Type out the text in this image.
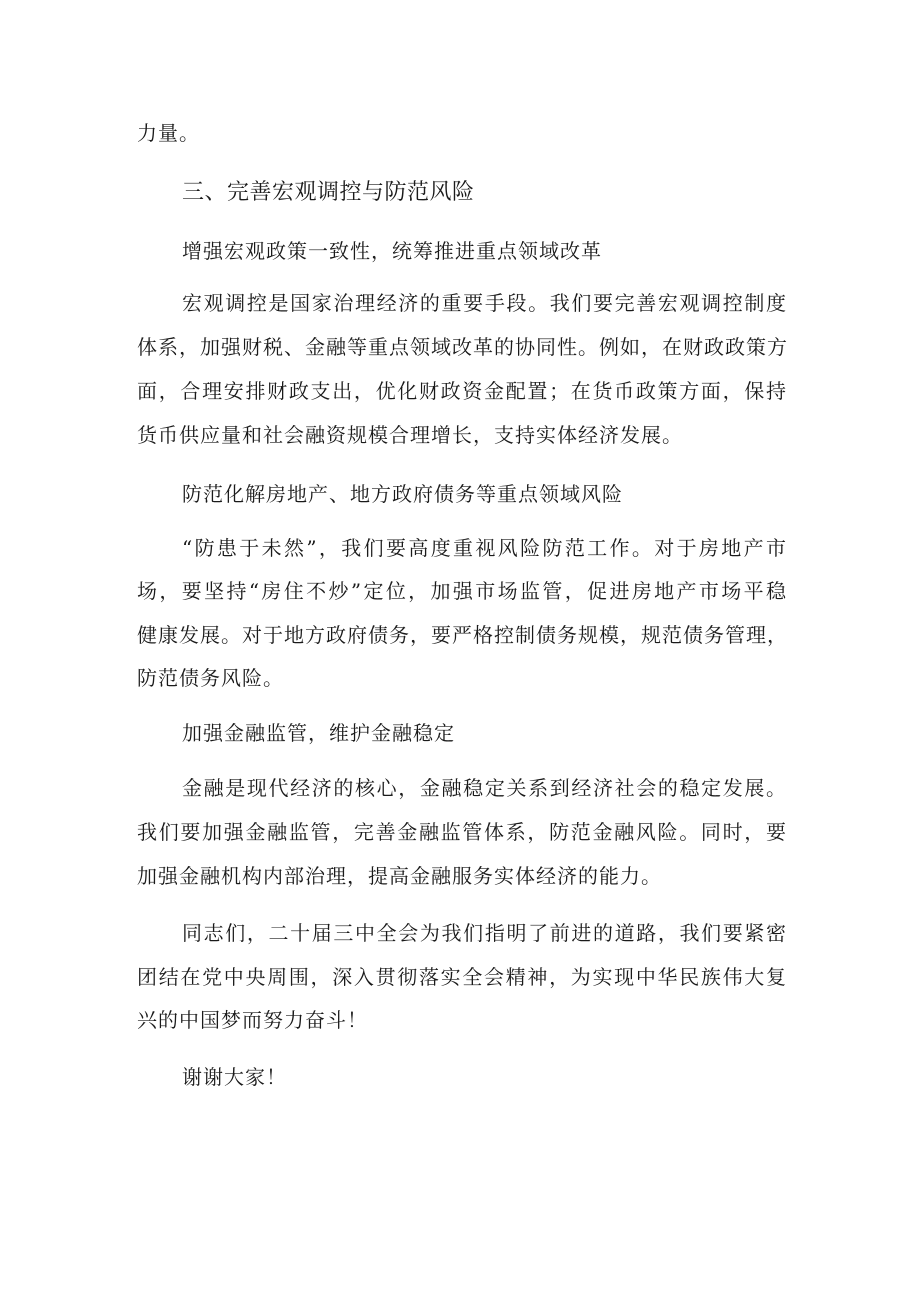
力量。
三、完善宏观调控与防范风险
增强宏观政策一致性，统筹推进重点领域改革
宏观调控是国家治理经济的重要手段。我们要完善宏观调控制度
体系，加强财税、金融等重点领域改革的协同性。例如，在财政政策方
面，合理安排财政支出，优化财政资金配置；在货币政策方面，保持
货币供应量和社会融资规模合理增长，支持实体经济发展。
防范化解房地产、地方政府债务等重点领域风险
“防患于未然”，我们要高度重视风险防范工作。对于房地产市
场，要坚持“房住不炒”定位，加强市场监管，促进房地产市场平稳
健康发展。对于地方政府债务，要严格控制债务规模，规范债务管理，
防范债务风险。
加强金融监管，维护金融稳定
金融是现代经济的核心，金融稳定关系到经济社会的稳定发展。
我们要加强金融监管，完善金融监管体系，防范金融风险。同时，要
加强金融机构内部治理，提高金融服务实体经济的能力。
同志们，二十届三中全会为我们指明了前进的道路，我们要紧密
团结在党中央周围，深入贯彻落实全会精神，为实现中华民族伟大复
兴的中国梦而努力奋斗！
谢谢大家！
